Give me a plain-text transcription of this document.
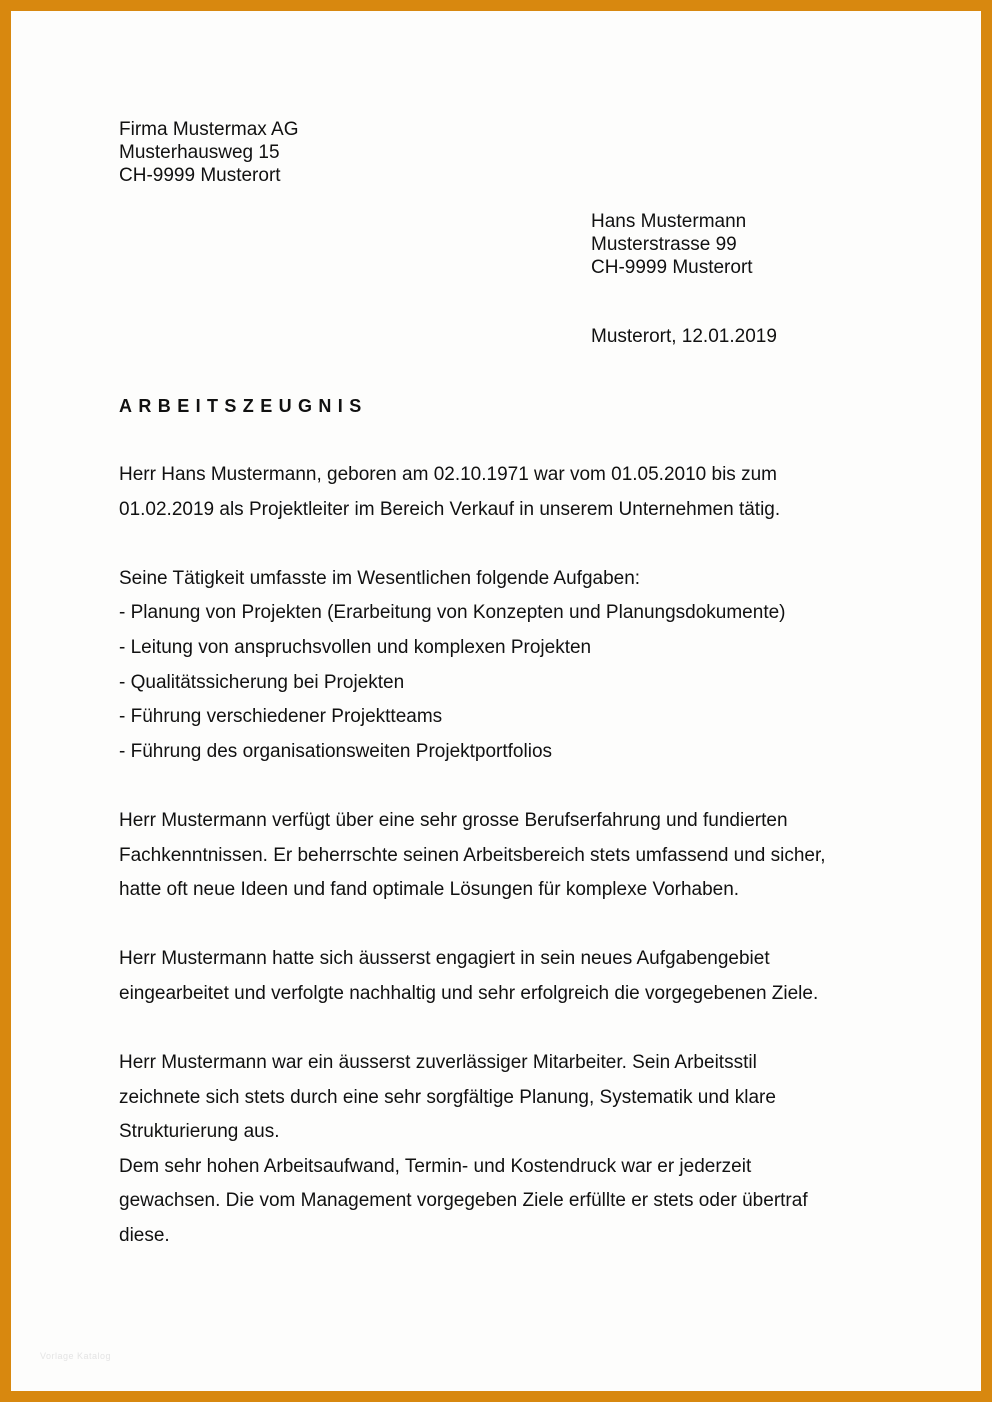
Firma Mustermax AG
Musterhausweg 15
CH-9999 Musterort
Hans Mustermann
Musterstrasse 99
CH-9999 Musterort
Musterort, 12.01.2019
ARBEITSZEUGNIS
Herr Hans Mustermann, geboren am 02.10.1971 war vom 01.05.2010 bis zum
01.02.2019 als Projektleiter im Bereich Verkauf in unserem Unternehmen tätig.
Seine Tätigkeit umfasste im Wesentlichen folgende Aufgaben:
- Planung von Projekten (Erarbeitung von Konzepten und Planungsdokumente)
- Leitung von anspruchsvollen und komplexen Projekten
- Qualitätssicherung bei Projekten
- Führung verschiedener Projektteams
- Führung des organisationsweiten Projektportfolios
Herr Mustermann verfügt über eine sehr grosse Berufserfahrung und fundierten
Fachkenntnissen. Er beherrschte seinen Arbeitsbereich stets umfassend und sicher,
hatte oft neue Ideen und fand optimale Lösungen für komplexe Vorhaben.
Herr Mustermann hatte sich äusserst engagiert in sein neues Aufgabengebiet
eingearbeitet und verfolgte nachhaltig und sehr erfolgreich die vorgegebenen Ziele.
Herr Mustermann war ein äusserst zuverlässiger Mitarbeiter. Sein Arbeitsstil
zeichnete sich stets durch eine sehr sorgfältige Planung, Systematik und klare
Strukturierung aus.
Dem sehr hohen Arbeitsaufwand, Termin- und Kostendruck war er jederzeit
gewachsen. Die vom Management vorgegeben Ziele erfüllte er stets oder übertraf
diese.
Vorlage Katalog
